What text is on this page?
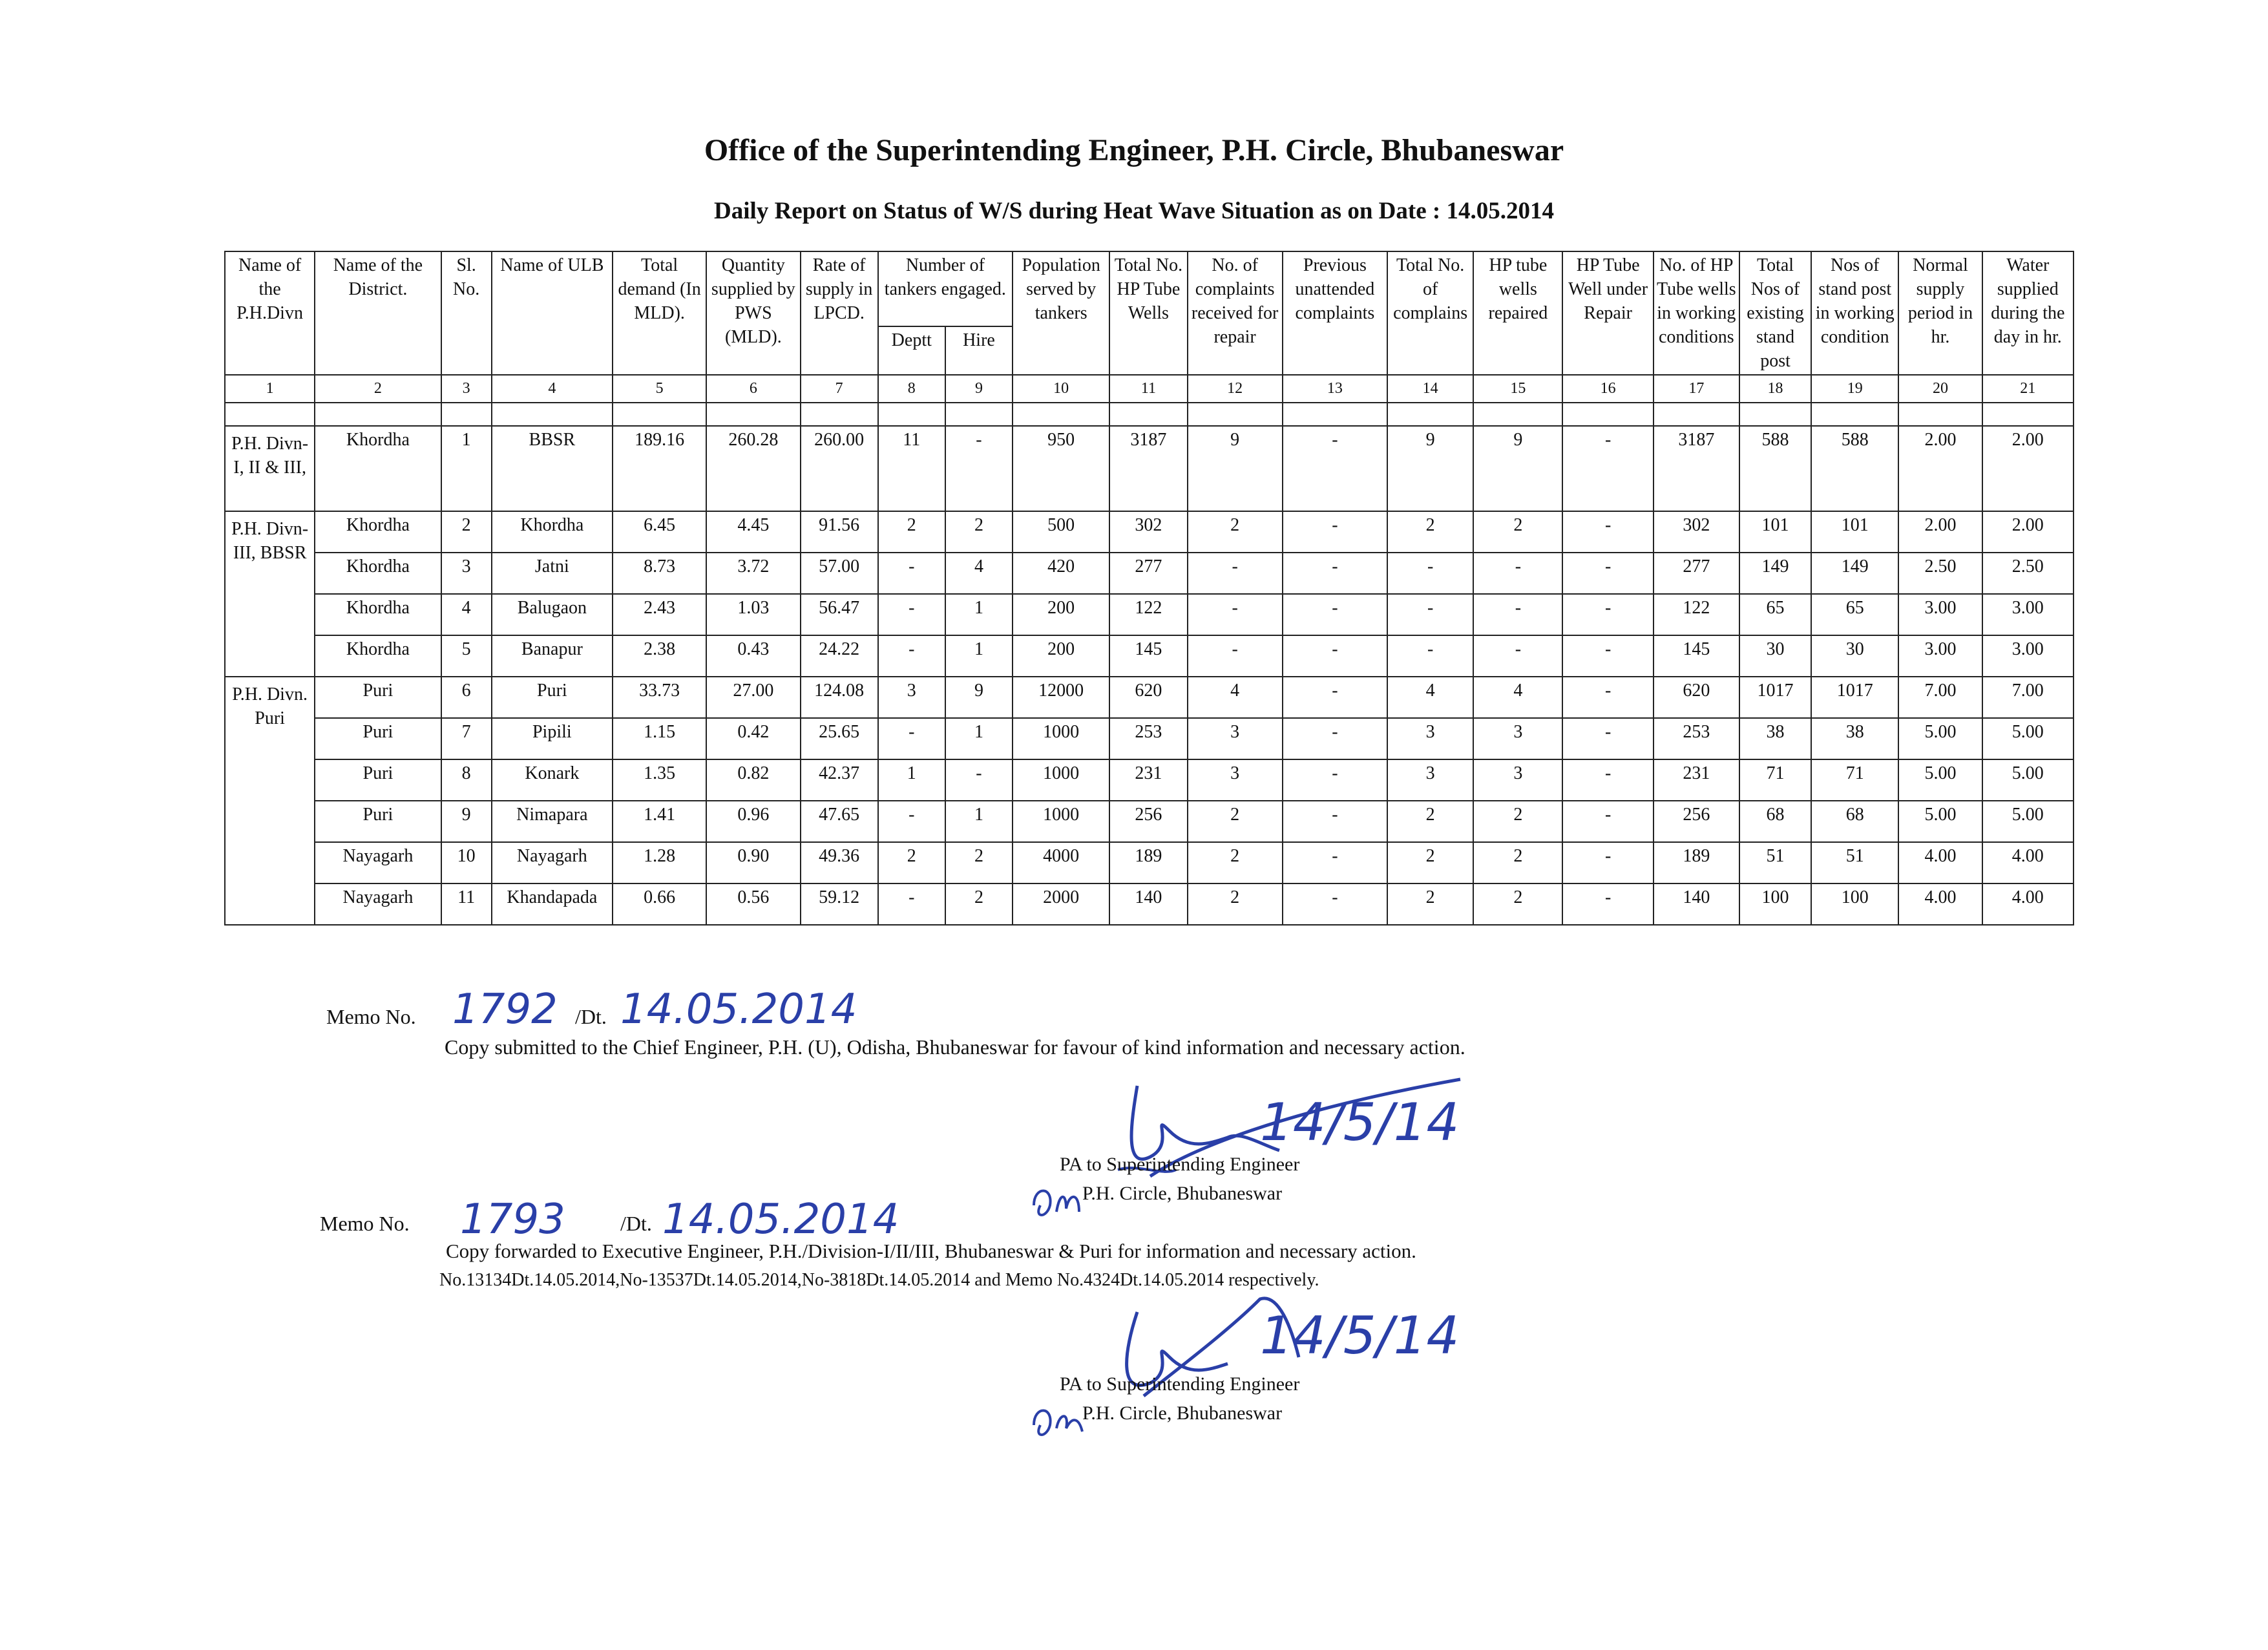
Office of the Superintending Engineer, P.H. Circle, Bhubaneswar
Daily Report on Status of W/S during Heat Wave Situation as on Date : 14.05.2014
Name of the P.H.Divn	Name of the District.	Sl. No.	Name of ULB	Total demand (In MLD).	Quantity supplied by PWS (MLD).	Rate of supply in LPCD.	Number of tankers engaged.		Population served by tankers	Total No. HP Tube Wells	No. of complaints received for repair	Previous unattended complaints	Total No. of complains	HP tube wells repaired	HP Tube Well under Repair	No. of HP Tube wells in working conditions	Total Nos of existing stand post	Nos of stand post in working condition	Normal supply period in hr.	Water supplied during the day in hr.
							Deptt	Hire												
1	2	3	4	5	6	7	8	9	10	11	12	13	14	15	16	17	18	19	20	21

P.H. Divn-I, II & III,	Khordha	1	BBSR	189.16	260.28	260.00	11	-	950	3187	9	-	9	9	-	3187	588	588	2.00	2.00
P.H. Divn-III, BBSR	Khordha	2	Khordha	6.45	4.45	91.56	2	2	500	302	2	-	2	2	-	302	101	101	2.00	2.00
	Khordha	3	Jatni	8.73	3.72	57.00	-	4	420	277	-	-	-	-	-	277	149	149	2.50	2.50
	Khordha	4	Balugaon	2.43	1.03	56.47	-	1	200	122	-	-	-	-	-	122	65	65	3.00	3.00
	Khordha	5	Banapur	2.38	0.43	24.22	-	1	200	145	-	-	-	-	-	145	30	30	3.00	3.00
P.H. Divn. Puri	Puri	6	Puri	33.73	27.00	124.08	3	9	12000	620	4	-	4	4	-	620	1017	1017	7.00	7.00
	Puri	7	Pipili	1.15	0.42	25.65	-	1	1000	253	3	-	3	3	-	253	38	38	5.00	5.00
	Puri	8	Konark	1.35	0.82	42.37	1	-	1000	231	3	-	3	3	-	231	71	71	5.00	5.00
	Puri	9	Nimapara	1.41	0.96	47.65	-	1	1000	256	2	-	2	2	-	256	68	68	5.00	5.00
	Nayagarh	10	Nayagarh	1.28	0.90	49.36	2	2	4000	189	2	-	2	2	-	189	51	51	4.00	4.00
	Nayagarh	11	Khandapada	0.66	0.56	59.12	-	2	2000	140	2	-	2	2	-	140	100	100	4.00	4.00
Memo No. 1792 /Dt. 14.05.2014
Copy submitted to the Chief Engineer, P.H. (U), Odisha, Bhubaneswar for favour of kind information and necessary action.
14/5/14
PA to Superintending Engineer
P.H. Circle, Bhubaneswar
Memo No. 1793	/Dt. 14.05.2014
Copy forwarded to Executive Engineer, P.H./Division-I/II/III, Bhubaneswar & Puri for information and necessary action.
No.13134Dt.14.05.2014,No-13537Dt.14.05.2014,No-3818Dt.14.05.2014 and Memo No.4324Dt.14.05.2014 respectively.
14/5/14
PA to Superintending Engineer
P.H. Circle, Bhubaneswar
